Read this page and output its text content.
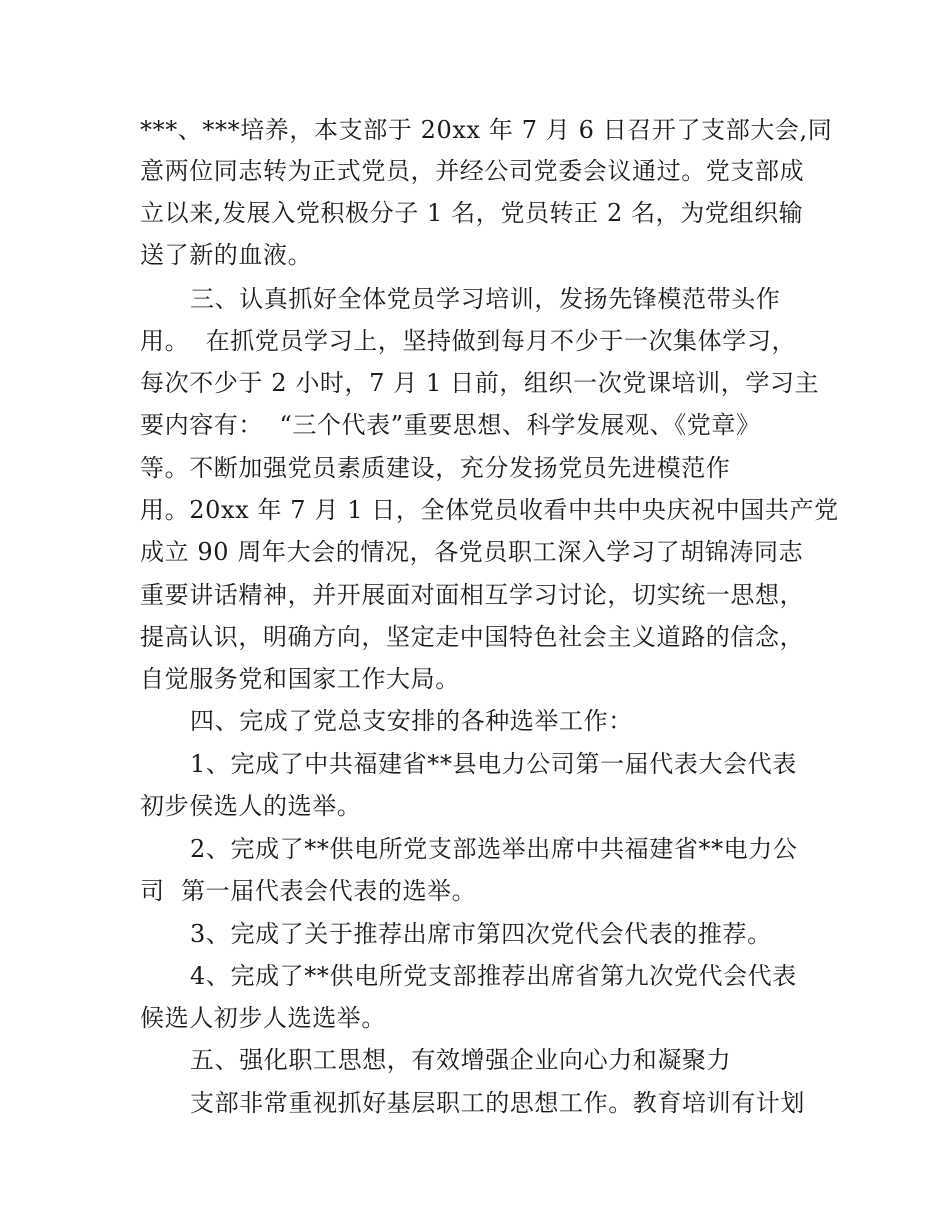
***、***培养，本支部于 20xx 年 7 月 6 日召开了支部大会,同
意两位同志转为正式党员，并经公司党委会议通过。党支部成
立以来,发展入党积极分子 1 名，党员转正 2 名，为党组织输
送了新的血液。
三、认真抓好全体党员学习培训，发扬先锋模范带头作
用。  在抓党员学习上，坚持做到每月不少于一次集体学习，
每次不少于 2 小时，7 月 1 日前，组织一次党课培训，学习主
要内容有：  “三个代表”重要思想、科学发展观、《党章》
等。不断加强党员素质建设，充分发扬党员先进模范作
用。20xx 年 7 月 1 日，全体党员收看中共中央庆祝中国共产党
成立 90 周年大会的情况，各党员职工深入学习了胡锦涛同志
重要讲话精神，并开展面对面相互学习讨论，切实统一思想，
提高认识，明确方向，坚定走中国特色社会主义道路的信念，
自觉服务党和国家工作大局。
四、完成了党总支安排的各种选举工作：
1、完成了中共福建省**县电力公司第一届代表大会代表
初步侯选人的选举。
2、完成了**供电所党支部选举出席中共福建省**电力公
司  第一届代表会代表的选举。
3、完成了关于推荐出席市第四次党代会代表的推荐。
4、完成了**供电所党支部推荐出席省第九次党代会代表
候选人初步人选选举。
五、强化职工思想，有效增强企业向心力和凝聚力
支部非常重视抓好基层职工的思想工作。教育培训有计划
